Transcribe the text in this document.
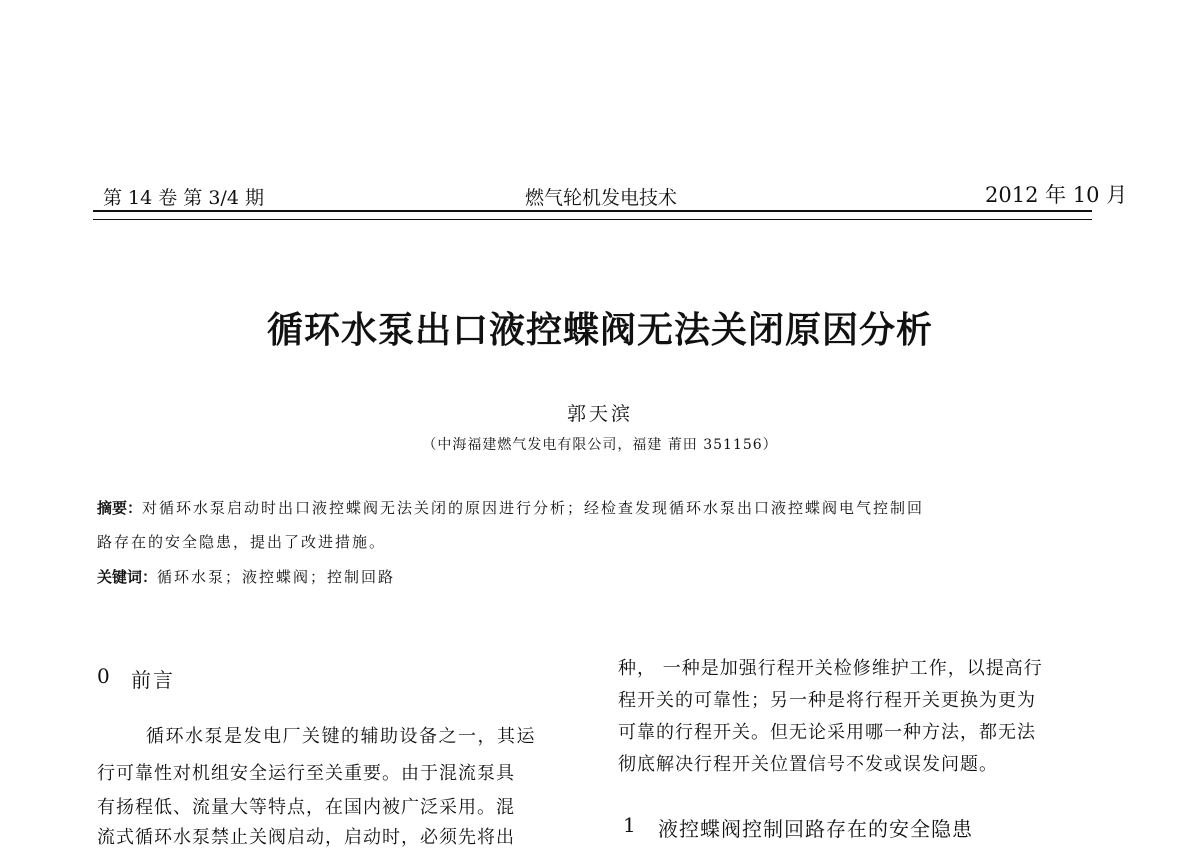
第 14 卷 第 3/4 期	燃气轮机发电技术	2012 年 10 月
循环水泵出口液控蝶阀无法关闭原因分析
郭天滨
（中海福建燃气发电有限公司，福建 莆田 351156）
摘要：对循环水泵启动时出口液控蝶阀无法关闭的原因进行分析；经检查发现循环水泵出口液控蝶阀电气控制回
路存在的安全隐患，提出了改进措施。
关键词：循环水泵；液控蝶阀；控制回路
0 前言
循环水泵是发电厂关键的辅助设备之一，其运
行可靠性对机组安全运行至关重要。由于混流泵具
有扬程低、流量大等特点，在国内被广泛采用。混
流式循环水泵禁止关阀启动，启动时，必须先将出
种， 一种是加强行程开关检修维护工作，以提高行
程开关的可靠性；另一种是将行程开关更换为更为
可靠的行程开关。但无论采用哪一种方法，都无法
彻底解决行程开关位置信号不发或误发问题。
1 液控蝶阀控制回路存在的安全隐患
